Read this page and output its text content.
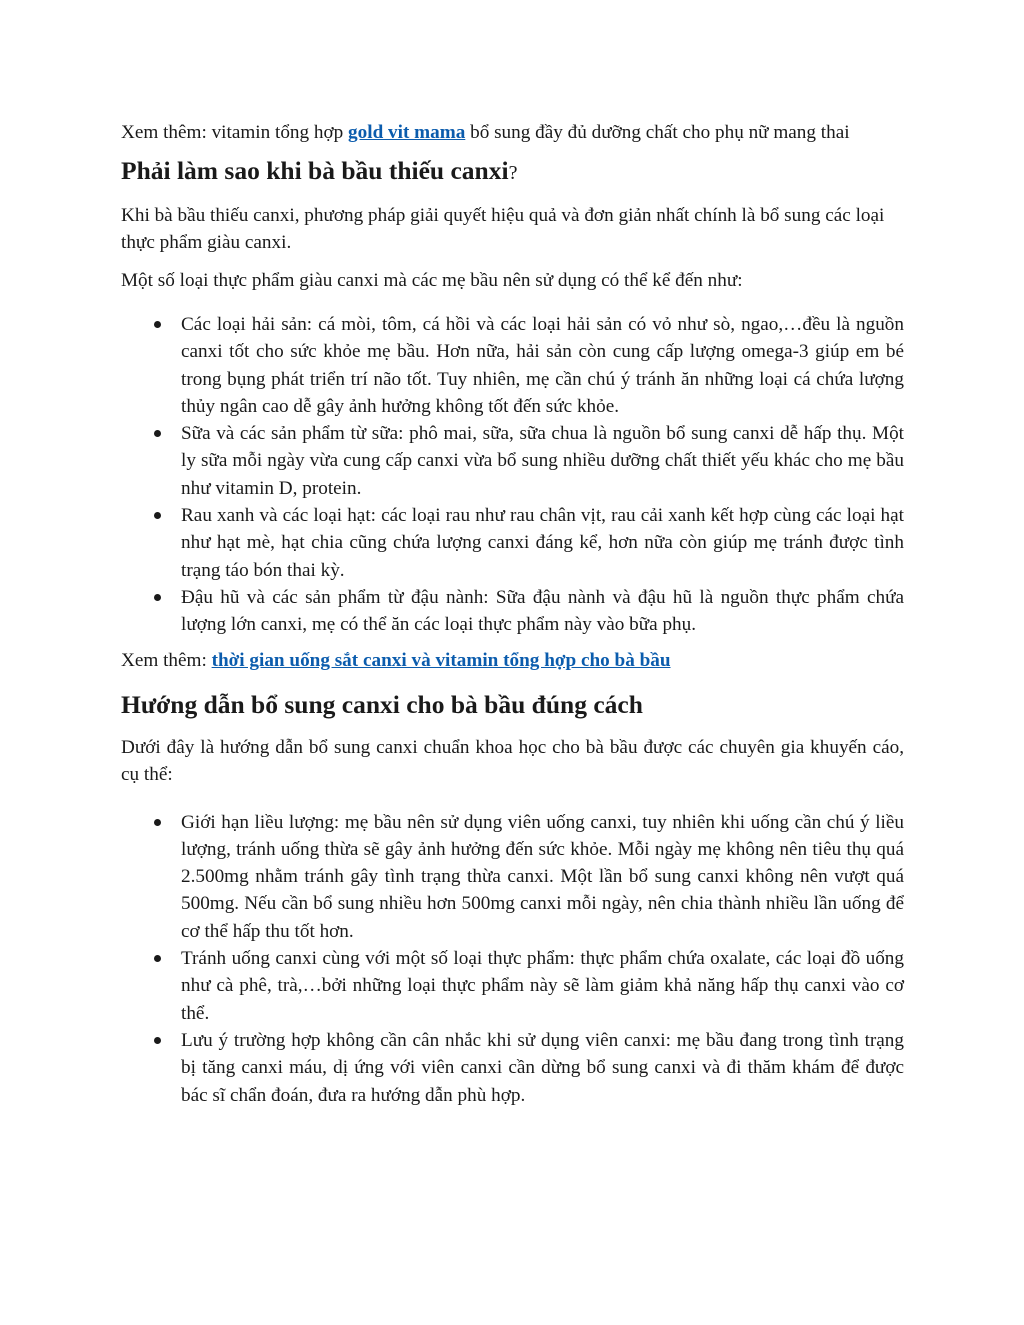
Xem thêm: vitamin tổng hợp gold vit mama bổ sung đầy đủ dưỡng chất cho phụ nữ mang thai

Phải làm sao khi bà bầu thiếu canxi?

Khi bà bầu thiếu canxi, phương pháp giải quyết hiệu quả và đơn giản nhất chính là bổ sung các loại thực phẩm giàu canxi.

Một số loại thực phẩm giàu canxi mà các mẹ bầu nên sử dụng có thể kể đến như:

Các loại hải sản: cá mòi, tôm, cá hồi và các loại hải sản có vỏ như sò, ngao,…đều là nguồn canxi tốt cho sức khỏe mẹ bầu. Hơn nữa, hải sản còn cung cấp lượng omega-3 giúp em bé trong bụng phát triển trí não tốt. Tuy nhiên, mẹ cần chú ý tránh ăn những loại cá chứa lượng thủy ngân cao dễ gây ảnh hưởng không tốt đến sức khỏe.
Sữa và các sản phẩm từ sữa: phô mai, sữa, sữa chua là nguồn bổ sung canxi dễ hấp thụ. Một ly sữa mỗi ngày vừa cung cấp canxi vừa bổ sung nhiều dưỡng chất thiết yếu khác cho mẹ bầu như vitamin D, protein.
Rau xanh và các loại hạt: các loại rau như rau chân vịt, rau cải xanh kết hợp cùng các loại hạt như hạt mè, hạt chia cũng chứa lượng canxi đáng kể, hơn nữa còn giúp mẹ tránh được tình trạng táo bón thai kỳ.
Đậu hũ và các sản phẩm từ đậu nành: Sữa đậu nành và đậu hũ là nguồn thực phẩm chứa lượng lớn canxi, mẹ có thể ăn các loại thực phẩm này vào bữa phụ.

Xem thêm: thời gian uống sắt canxi và vitamin tổng hợp cho bà bầu

Hướng dẫn bổ sung canxi cho bà bầu đúng cách

Dưới đây là hướng dẫn bổ sung canxi chuẩn khoa học cho bà bầu được các chuyên gia khuyến cáo, cụ thể:

Giới hạn liều lượng: mẹ bầu nên sử dụng viên uống canxi, tuy nhiên khi uống cần chú ý liều lượng, tránh uống thừa sẽ gây ảnh hưởng đến sức khỏe. Mỗi ngày mẹ không nên tiêu thụ quá 2.500mg nhằm tránh gây tình trạng thừa canxi. Một lần bổ sung canxi không nên vượt quá 500mg. Nếu cần bổ sung nhiều hơn 500mg canxi mỗi ngày, nên chia thành nhiều lần uống để cơ thể hấp thu tốt hơn.
Tránh uống canxi cùng với một số loại thực phẩm: thực phẩm chứa oxalate, các loại đồ uống như cà phê, trà,…bởi những loại thực phẩm này sẽ làm giảm khả năng hấp thụ canxi vào cơ thể.
Lưu ý trường hợp không cần cân nhắc khi sử dụng viên canxi: mẹ bầu đang trong tình trạng bị tăng canxi máu, dị ứng với viên canxi cần dừng bổ sung canxi và đi thăm khám để được bác sĩ chẩn đoán, đưa ra hướng dẫn phù hợp.
